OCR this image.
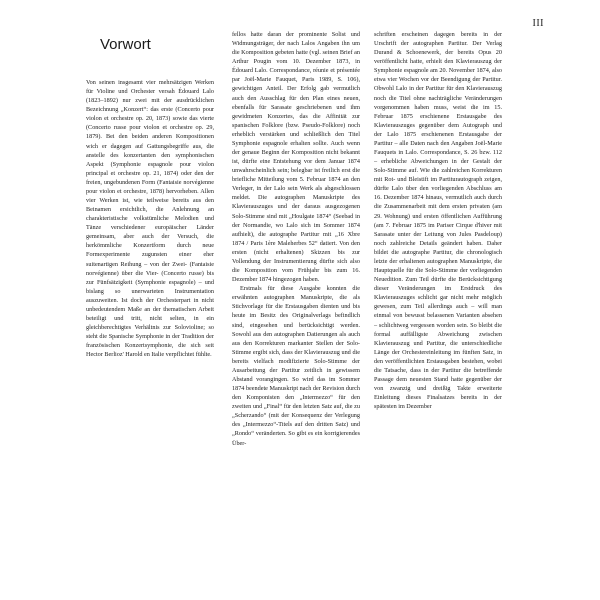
III
Vorwort

Von seinen insgesamt vier mehrsätzigen Werken für Violine und Orchester versah Édouard Lalo (1823–1892) nur zwei mit der ausdrücklichen Bezeichnung „Konzert“: das erste (Concerto pour violon et orchestre op. 20, 1873) sowie das vierte (Concerto russe pour violon et orchestre op. 29, 1879). Bei den beiden anderen Kompositionen wich er dagegen auf Gattungsbegriffe aus, die anstelle des konzertanten den symphonischen Aspekt (Symphonie espagnole pour violon principal et orchestre op. 21, 1874) oder den der freien, ungebundenen Form (Fantaisie norvégienne pour violon et orchestre, 1878) hervorheben. Allen vier Werken ist, wie teilweise bereits aus den Beinamen ersichtlich, die Anlehnung an charakteristische volkstümliche Melodien und Tänze verschiedener europäischer Länder gemeinsam, aber auch der Versuch, die herkömmliche Konzertform durch neue Formexperimente zugunsten einer eher suitenartigen Reihung – von der Zwei- (Fantaisie norvégienne) über die Vier- (Concerto russe) bis zur Fünfsätzigkeit (Symphonie espagnole) – und bislang so unerwarteten Instrumentation auszuweiten. Ist doch der Orchesterpart in nicht unbedeutendem Maße an der thematischen Arbeit beteiligt und tritt, nicht selten, in ein gleichberechtigtes Verhältnis zur Solovioline; so steht die Spanische Symphonie in der Tradition der französischen Konzertsymphonie, die sich seit Hector Berlioz' Harold en Italie verpflichtet fühlte.

fellos hatte daran der prominente Solist und Widmungsträger, der nach Lalos Angaben ihn um die Komposition gebeten hatte (vgl. seinen Brief an Arthur Pougin vom 10. Dezember 1873, in Édouard Lalo. Correspondance, réunie et présentée par Joël-Marie Fauquet, Paris 1989, S. 106), gewichtigen Anteil. Der Erfolg gab vermutlich auch den Ausschlag für den Plan eines neuen, ebenfalls für Sarasate geschriebenen und ihm gewidmeten Konzertes, das die Affinität zur spanischen Folklore (bzw. Pseudo-Folklore) noch erheblich verstärken und schließlich den Titel Symphonie espagnole erhalten sollte. Auch wenn der genaue Beginn der Komposition nicht bekannt ist, dürfte eine Entstehung vor dem Januar 1874 unwahrscheinlich sein; belegbar ist freilich erst die briefliche Mitteilung vom 5. Februar 1874 an den Verleger, in der Lalo sein Werk als abgeschlossen meldet. Die autographen Manuskripte des Klavierauszuges und der daraus ausgezogenen Solo-Stimme sind mit „Houlgate 1874“ (Seebad in der Normandie, wo Lalo sich im Sommer 1874 aufhielt), die autographe Partitur mit „16 Xbre 1874 / Paris 1ère Maleherbes 52“ datiert. Von den ersten (nicht erhaltenen) Skizzen bis zur Vollendung der Instrumentierung dürfte sich also die Komposition vom Frühjahr bis zum 16. Dezember 1874 hingezogen haben.

Erstmals für diese Ausgabe konnten die erwähnten autographen Manuskripte, die als Stichvorlage für die Erstausgaben dienten und bis heute im Besitz des Originalverlags befindlich sind, eingesehen und berücksichtigt werden. Sowohl aus den autographen Datierungen als auch aus den Korrekturen markanter Stellen der Solo-Stimme ergibt sich, dass der Klavierauszug und die bereits vielfach modifizierte Solo-Stimme der Ausarbeitung der Partitur zeitlich in gewissem Abstand vorangingen. So wird das im Sommer 1874 beendete Manuskript nach der Revision durch den Komponisten den „Intermezzo“ für den zweiten und „Final“ für den letzten Satz auf, die zu „Scherzando“ (mit der Konsequenz der Verlegung des „Intermezzo“-Titels auf den dritten Satz) und „Rondo“ veränderten. So gibt es ein korrigierendes Über-

schriften erscheinen dagegen bereits in der Urschrift der autographen Partitur. Der Verlag Durand & Schoenewerk, der bereits Opus 20 veröffentlicht hatte, erhielt den Klavierauszug der Symphonie espagnole am 20. November 1874, also etwa vier Wochen vor der Beendigung der Partitur. Obwohl Lalo in der Partitur für den Klavierauszug noch die Titel ohne nachträgliche Veränderungen vorgenommen haben muss, weist die im 15. Februar 1875 erschienene Erstausgabe des Klavierauszuges gegenüber dem Autograph und der Lalo 1875 erschienenen Erstausgabe der Partitur – alle Daten nach den Angaben Joël-Marie Fauquets in Lalo. Correspondance, S. 26 bzw. 112 – erhebliche Abweichungen in der Gestalt der Solo-Stimme auf. Wie die zahlreichen Korrekturen mit Rot- und Bleistift im Partiturautograph zeigen, dürfte Lalo über den vorliegenden Abschluss am 16. Dezember 1874 hinaus, vermutlich auch durch die Zusammenarbeit mit dem ersten privaten (am 29. Wohnung) und ersten öffentlichen Aufführung (am 7. Februar 1875 im Pariser Cirque d'hiver mit Sarasate unter der Leitung von Jules Pasdeloup) noch zahlreiche Details geändert haben. Daher bildet die autographe Partitur, die chronologisch letzte der erhaltenen autographen Manuskripte, die Hauptquelle für die Solo-Stimme der vorliegenden Neuedition. Zum Teil dürfte die Berücksichtigung dieser Veränderungen im Erstdruck des Klavierauszuges schlicht gar nicht mehr möglich gewesen, zum Teil allerdings auch – will man einmal von bewusst belassenen Varianten absehen – schlichtweg vergessen worden sein. So bleibt die formal auffälligste Abweichung zwischen Klavierauszug und Partitur, die unterschiedliche Länge der Orchestereinleitung im fünften Satz, in den veröffentlichten Erstausgaben bestehen, wobei die Tatsache, dass in der Partitur die betreffende Passage dem neuesten Stand hatte gegenüber der von zwanzig und dreißig Takte erweiterte Einleitung dieses Finalsatzes bereits in der spätesten im Dezember
